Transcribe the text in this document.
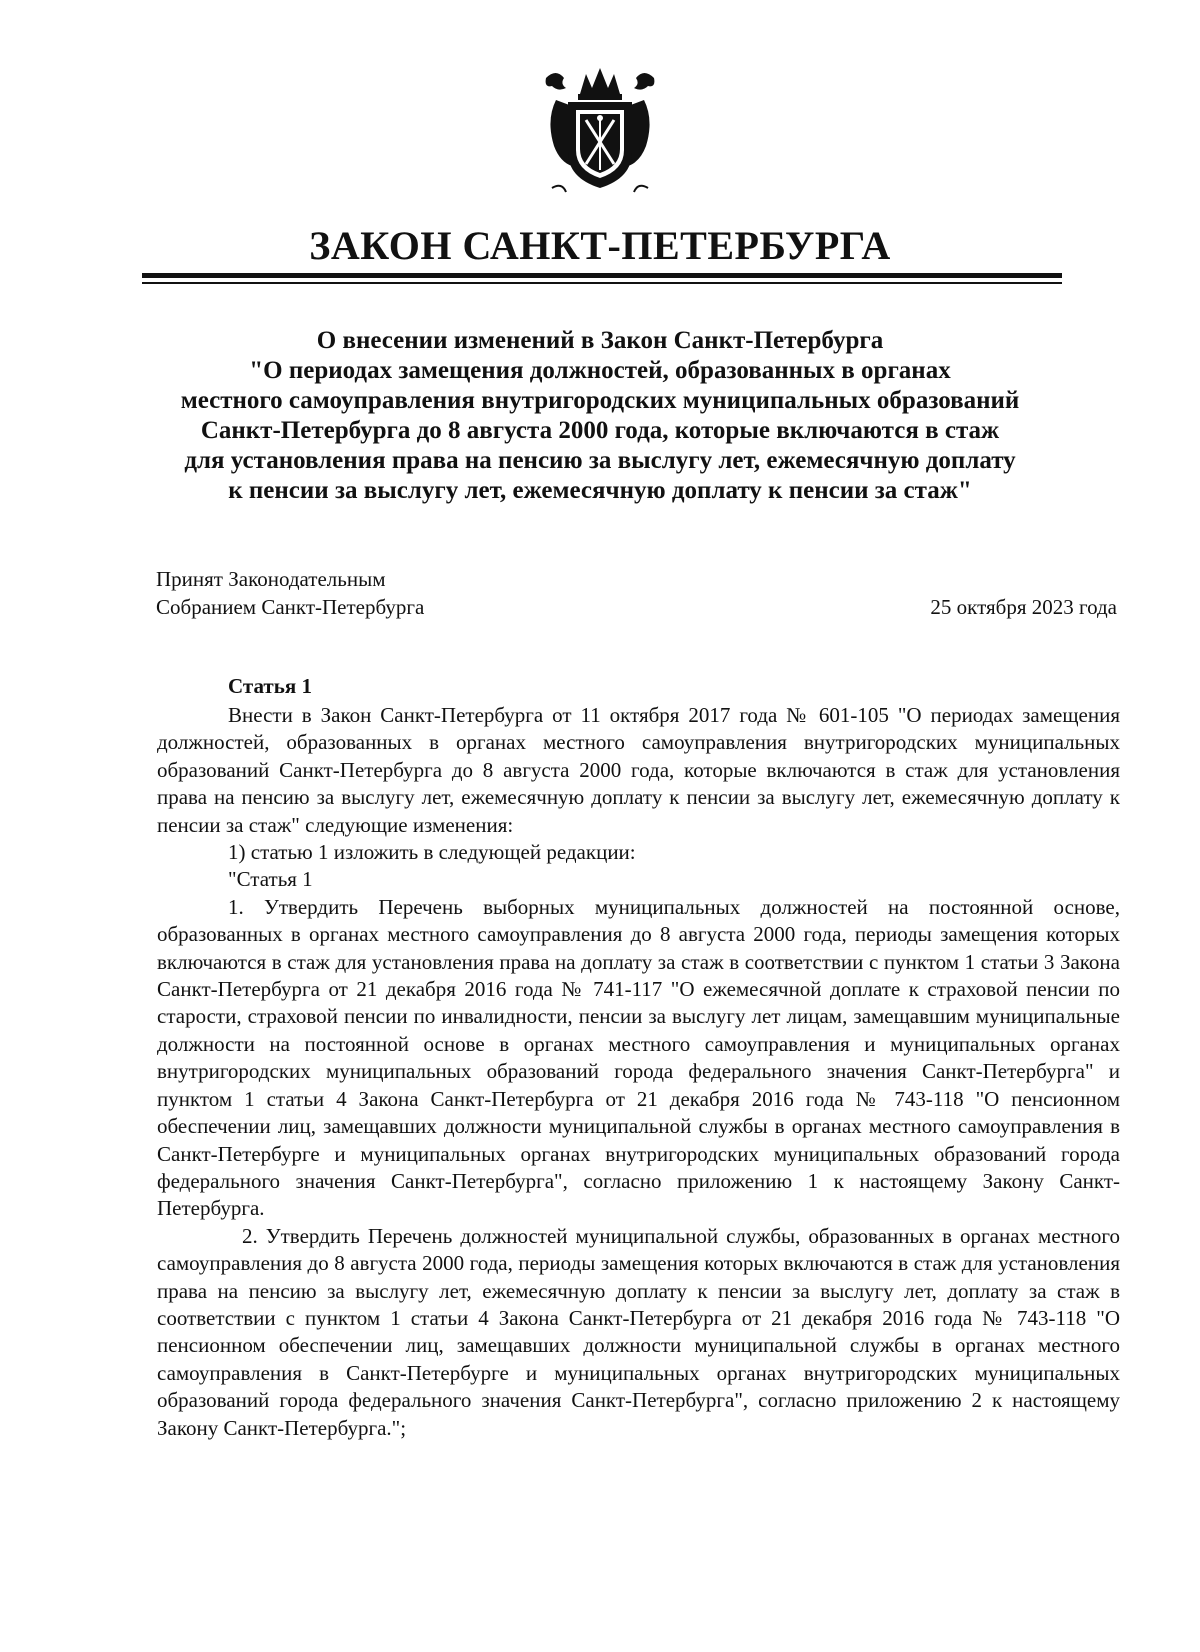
ЗАКОН САНКТ-ПЕТЕРБУРГА
О внесении изменений в Закон Санкт-Петербурга
"О периодах замещения должностей, образованных в органах
местного самоуправления внутригородских муниципальных образований
Санкт-Петербурга до 8 августа 2000 года, которые включаются в стаж
для установления права на пенсию за выслугу лет, ежемесячную доплату
к пенсии за выслугу лет, ежемесячную доплату к пенсии за стаж"
Принят Законодательным
Собранием Санкт-Петербурга	25 октября 2023 года
Статья 1

Внести в Закон Санкт-Петербурга от 11 октября 2017 года № 601-105 "О периодах замещения должностей, образованных в органах местного самоуправления внутригородских муниципальных образований Санкт-Петербурга до 8 августа 2000 года, которые включаются в стаж для установления права на пенсию за выслугу лет, ежемесячную доплату к пенсии за выслугу лет, ежемесячную доплату к пенсии за стаж" следующие изменения:

1) статью 1 изложить в следующей редакции:

"Статья 1

1. Утвердить Перечень выборных муниципальных должностей на постоянной основе, образованных в органах местного самоуправления до 8 августа 2000 года, периоды замещения которых включаются в стаж для установления права на доплату за стаж в соответствии с пунктом 1 статьи 3 Закона Санкт-Петербурга от 21 декабря 2016 года № 741-117 "О ежемесячной доплате к страховой пенсии по старости, страховой пенсии по инвалидности, пенсии за выслугу лет лицам, замещавшим муниципальные должности на постоянной основе в органах местного самоуправления и муниципальных органах внутригородских муниципальных образований города федерального значения Санкт-Петербурга" и пунктом 1 статьи 4 Закона Санкт-Петербурга от 21 декабря 2016 года № 743-118 "О пенсионном обеспечении лиц, замещавших должности муниципальной службы в органах местного самоуправления в Санкт-Петербурге и муниципальных органах внутригородских муниципальных образований города федерального значения Санкт-Петербурга", согласно приложению 1 к настоящему Закону Санкт-Петербурга.

2. Утвердить Перечень должностей муниципальной службы, образованных в органах местного самоуправления до 8 августа 2000 года, периоды замещения которых включаются в стаж для установления права на пенсию за выслугу лет, ежемесячную доплату к пенсии за выслугу лет, доплату за стаж в соответствии с пунктом 1 статьи 4 Закона Санкт-Петербурга от 21 декабря 2016 года № 743-118 "О пенсионном обеспечении лиц, замещавших должности муниципальной службы в органах местного самоуправления в Санкт-Петербурге и муниципальных органах внутригородских муниципальных образований города федерального значения Санкт-Петербурга", согласно приложению 2 к настоящему Закону Санкт-Петербурга.";
